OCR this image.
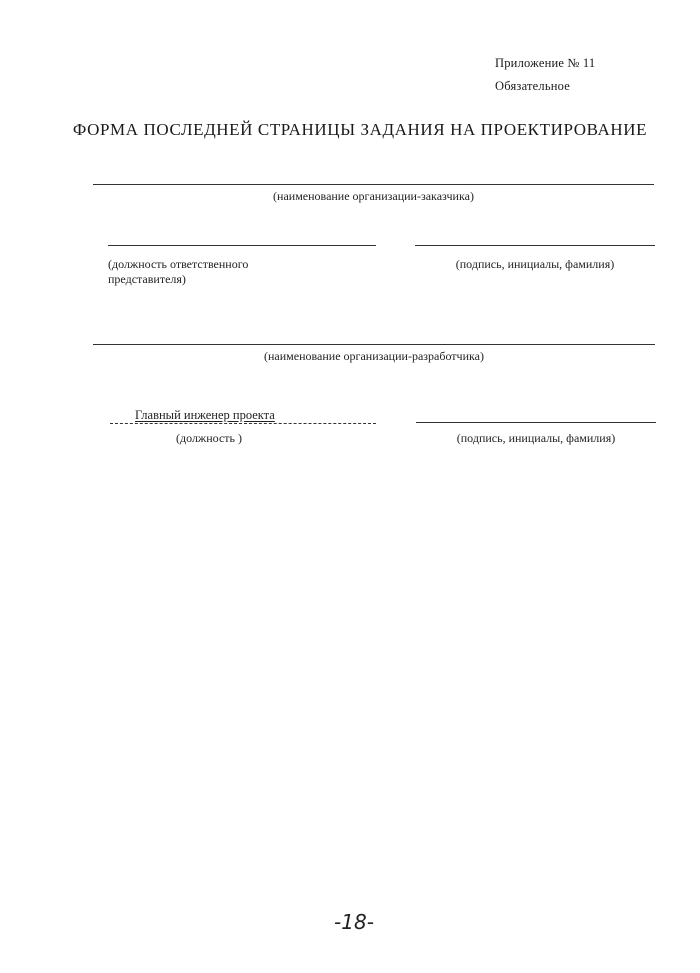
Приложение № 11
Обязательное
ФОРМА ПОСЛЕДНЕЙ СТРАНИЦЫ ЗАДАНИЯ НА ПРОЕКТИРОВАНИЕ
(наименование организации-заказчика)
(должность ответственного
представителя)
(подпись, инициалы, фамилия)
(наименование организации-разработчика)
Главный инженер проекта
(должность )	(подпись, инициалы, фамилия)
-18-
